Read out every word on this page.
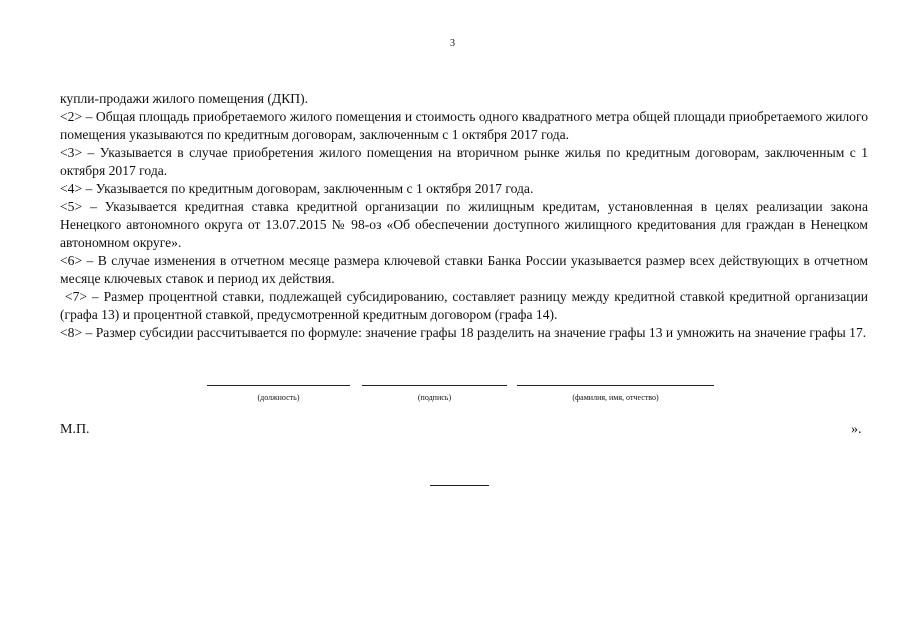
3

купли-продажи жилого помещения (ДКП).

<2> – Общая площадь приобретаемого жилого помещения и стоимость одного квадратного метра общей площади приобретаемого жилого помещения указываются по кредитным договорам, заключенным с 1 октября 2017 года.

<3> – Указывается в случае приобретения жилого помещения на вторичном рынке жилья по кредитным договорам, заключенным с 1 октября 2017 года.

<4> – Указывается по кредитным договорам, заключенным с 1 октября 2017 года.

<5> – Указывается кредитная ставка кредитной организации по жилищным кредитам, установленная в целях реализации закона Ненецкого автономного округа от 13.07.2015 № 98-оз «Об обеспечении доступного жилищного кредитования для граждан в Ненецком автономном округе».

<6> – В случае изменения в отчетном месяце размера ключевой ставки Банка России указывается размер всех действующих в отчетном месяце ключевых ставок и период их действия.

<7> – Размер процентной ставки, подлежащей субсидированию, составляет разницу между кредитной ставкой кредитной организации (графа 13) и процентной ставкой, предусмотренной кредитным договором (графа 14).

<8> – Размер субсидии рассчитывается по формуле: значение графы 18 разделить на значение графы 13 и умножить на значение графы 17.

(должность)	(подпись)	(фамилия, имя, отчество)
М.П.	».
